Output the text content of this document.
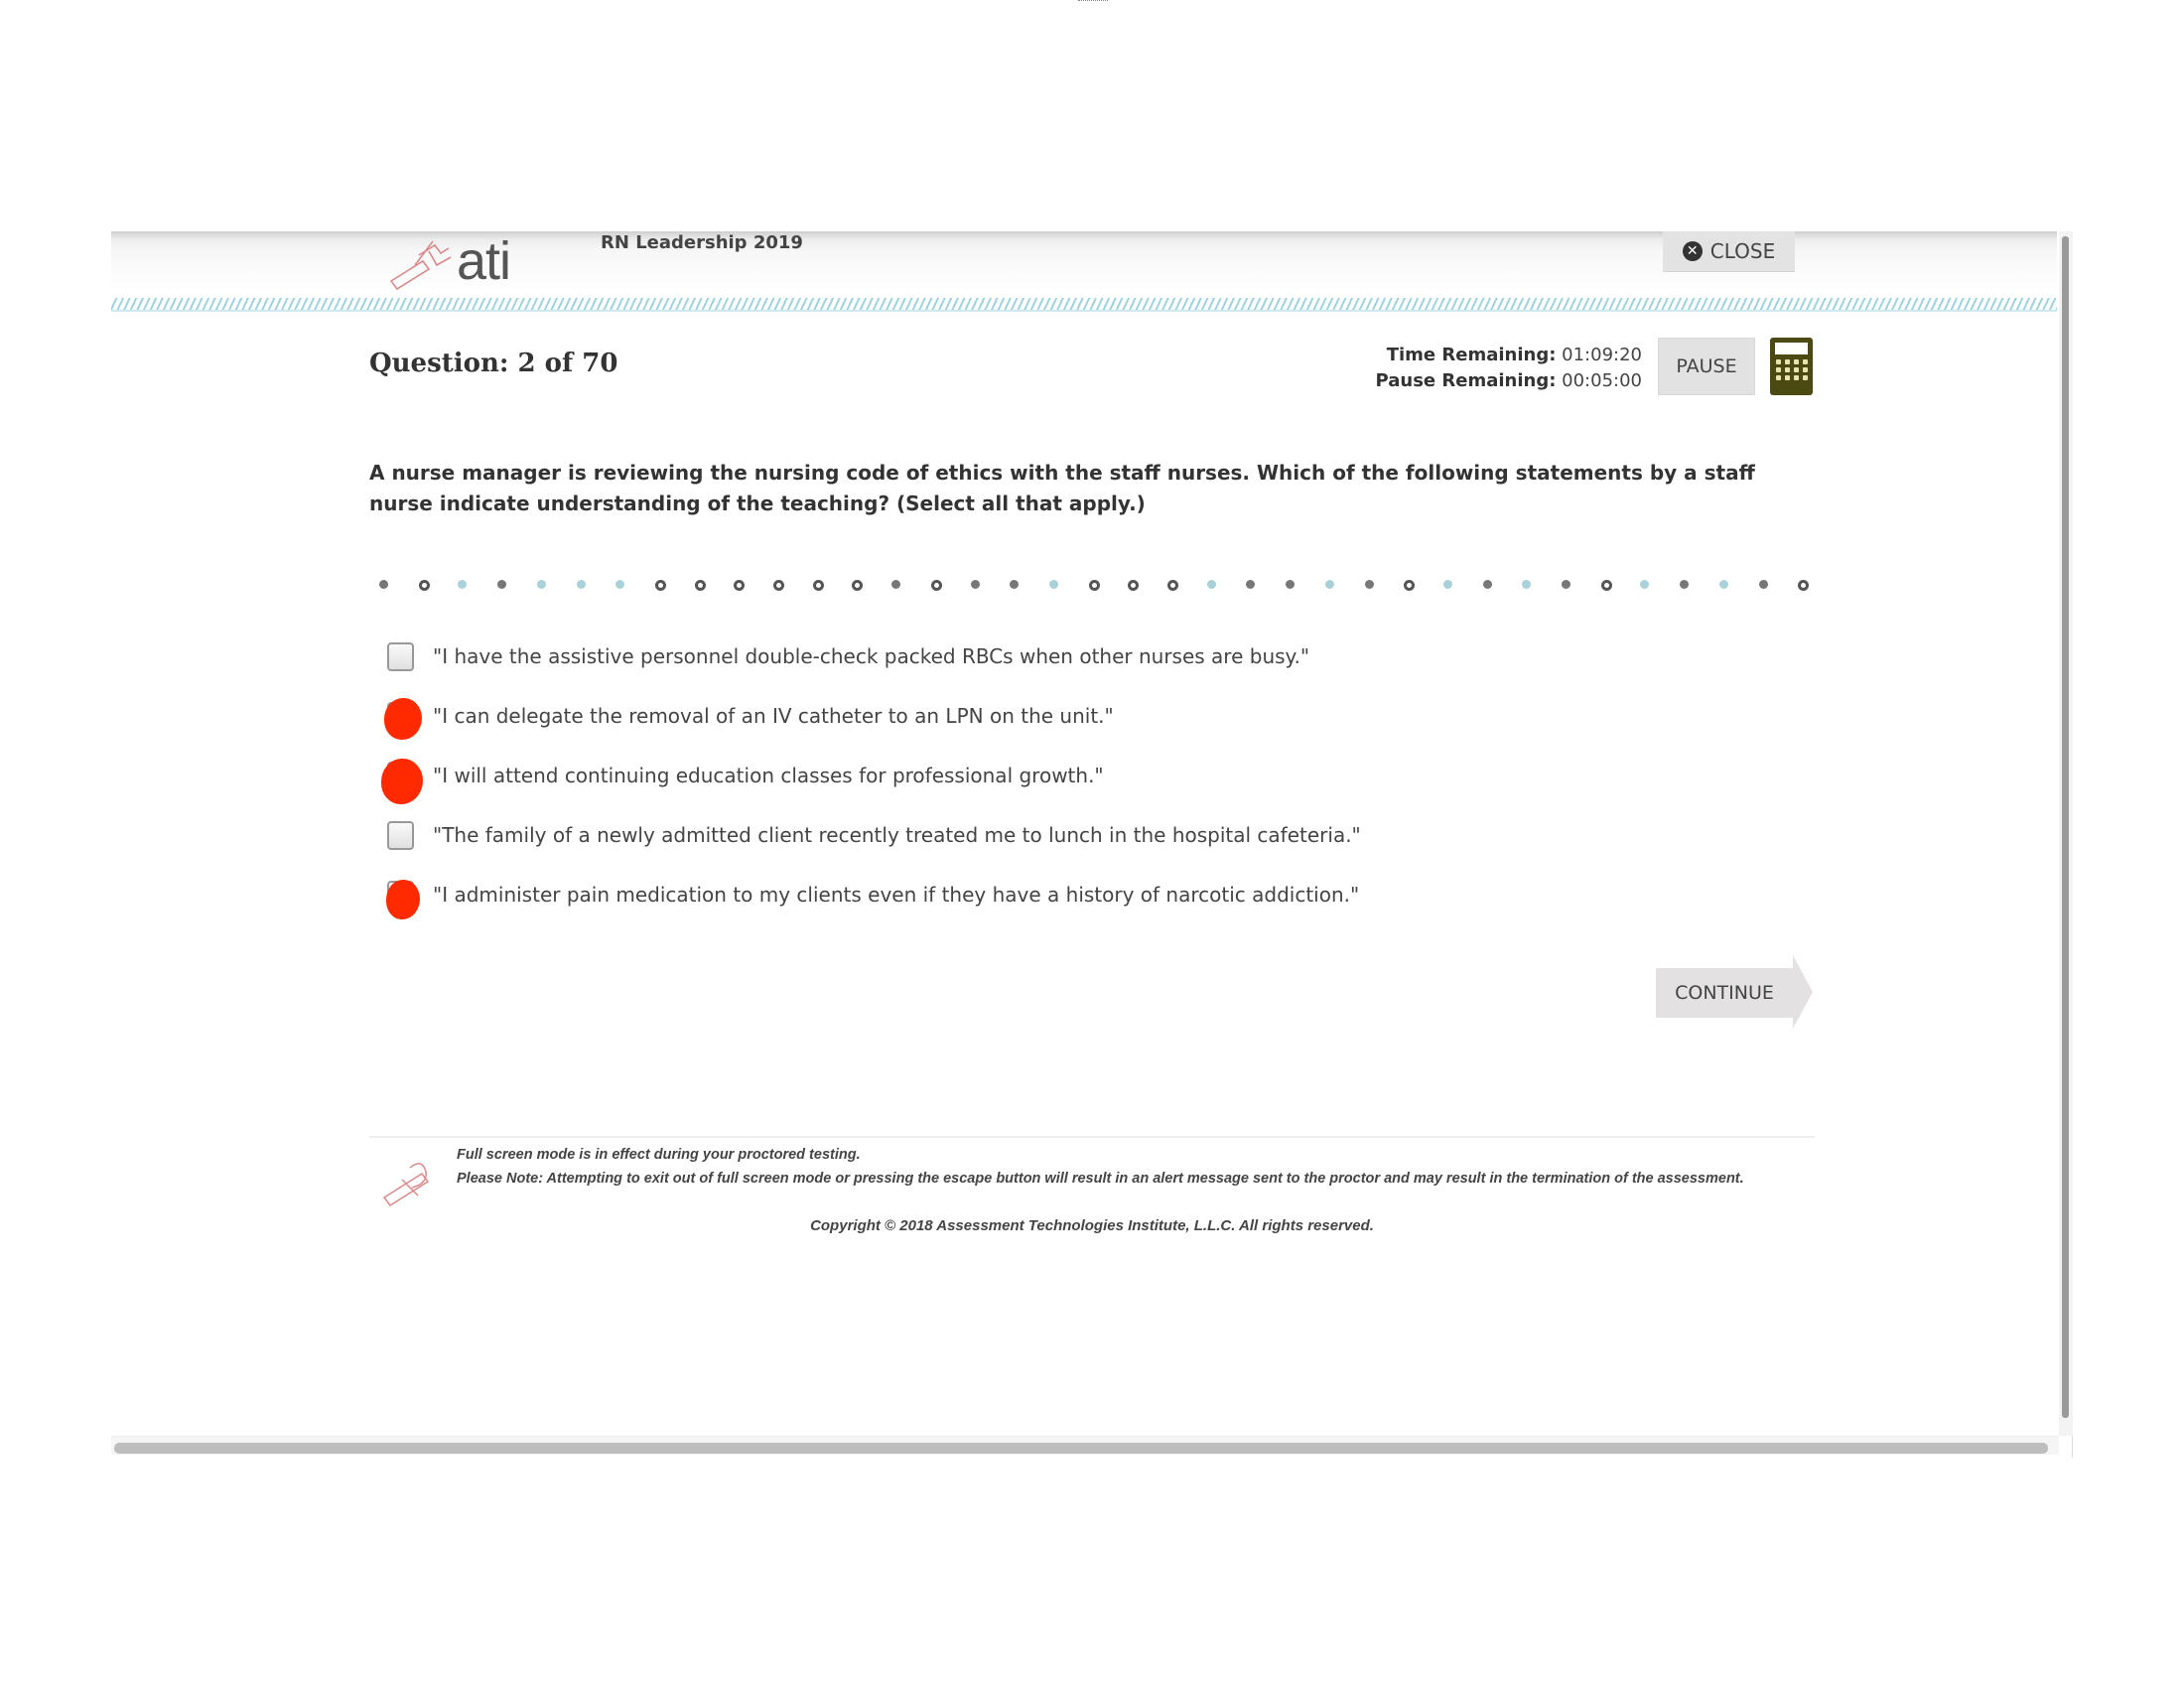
ati	RN Leadership 2019	✕ CLOSE
Question: 2 of 70	Time Remaining: 01:09:20
Pause Remaining: 00:05:00
PAUSE
A nurse manager is reviewing the nursing code of ethics with the staff nurses. Which of the following statements by a staff nurse indicate understanding of the teaching? (Select all that apply.)
"I have the assistive personnel double-check packed RBCs when other nurses are busy."
"I can delegate the removal of an IV catheter to an LPN on the unit."
"I will attend continuing education classes for professional growth."
"The family of a newly admitted client recently treated me to lunch in the hospital cafeteria."
"I administer pain medication to my clients even if they have a history of narcotic addiction."
CONTINUE

Full screen mode is in effect during your proctored testing.

Please Note: Attempting to exit out of full screen mode or pressing the escape button will result in an alert message sent to the proctor and may result in the termination of the assessment.

Copyright © 2018 Assessment Technologies Institute, L.L.C. All rights reserved.
